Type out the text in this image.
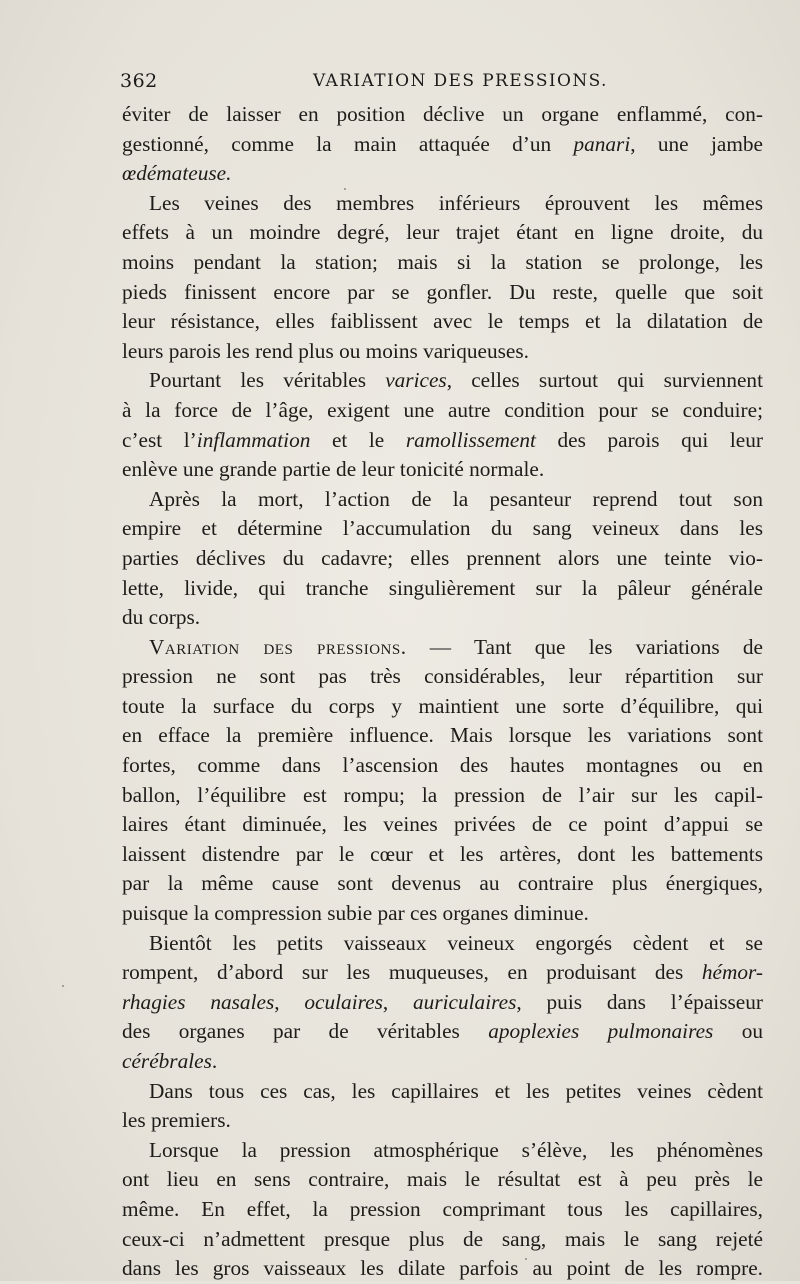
362	VARIATION DES PRESSIONS.
éviter de laisser en position déclive un organe enflammé, con-
gestionné, comme la main attaquée d’un panari, une jambe
œdémateuse.
Les veines des membres inférieurs éprouvent les mêmes
effets à un moindre degré, leur trajet étant en ligne droite, du
moins pendant la station; mais si la station se prolonge, les
pieds finissent encore par se gonfler. Du reste, quelle que soit
leur résistance, elles faiblissent avec le temps et la dilatation de
leurs parois les rend plus ou moins variqueuses.
Pourtant les véritables varices, celles surtout qui surviennent
à la force de l’âge, exigent une autre condition pour se conduire;
c’est l’inflammation et le ramollissement des parois qui leur
enlève une grande partie de leur tonicité normale.
Après la mort, l’action de la pesanteur reprend tout son
empire et détermine l’accumulation du sang veineux dans les
parties déclives du cadavre; elles prennent alors une teinte vio-
lette, livide, qui tranche singulièrement sur la pâleur générale
du corps.
Variation des pressions. — Tant que les variations de
pression ne sont pas très considérables, leur répartition sur
toute la surface du corps y maintient une sorte d’équilibre, qui
en efface la première influence. Mais lorsque les variations sont
fortes, comme dans l’ascension des hautes montagnes ou en
ballon, l’équilibre est rompu; la pression de l’air sur les capil-
laires étant diminuée, les veines privées de ce point d’appui se
laissent distendre par le cœur et les artères, dont les battements
par la même cause sont devenus au contraire plus énergiques,
puisque la compression subie par ces organes diminue.
Bientôt les petits vaisseaux veineux engorgés cèdent et se
rompent, d’abord sur les muqueuses, en produisant des hémor-
rhagies nasales, oculaires, auriculaires, puis dans l’épaisseur
des organes par de véritables apoplexies pulmonaires ou
cérébrales.
Dans tous ces cas, les capillaires et les petites veines cèdent
les premiers.
Lorsque la pression atmosphérique s’élève, les phénomènes
ont lieu en sens contraire, mais le résultat est à peu près le
même. En effet, la pression comprimant tous les capillaires,
ceux-ci n’admettent presque plus de sang, mais le sang rejeté
dans les gros vaisseaux les dilate parfois au point de les rompre.
